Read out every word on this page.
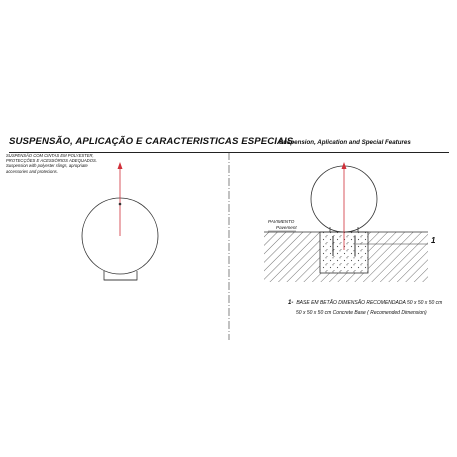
SUSPENSÃO, APLICAÇÃO E CARACTERISTICAS ESPECIAIS
Suspension, Aplication and Special Features
SUSPENSÃO COM CINTAS EM POLYESTER,
PROTECÇÕES E ACESSÓRIOS ADEQUADOS.
Suspension with polyester slings, apropriate
accessories and protecions.
PAVIMENTO
Pavement
1
1- BASE EM BETÃO DIMENSÃO RECOMENDADA 50 x 50 x 50 cm
50 x 50 x 50 cm Concrete Base ( Recomended Dimension)
